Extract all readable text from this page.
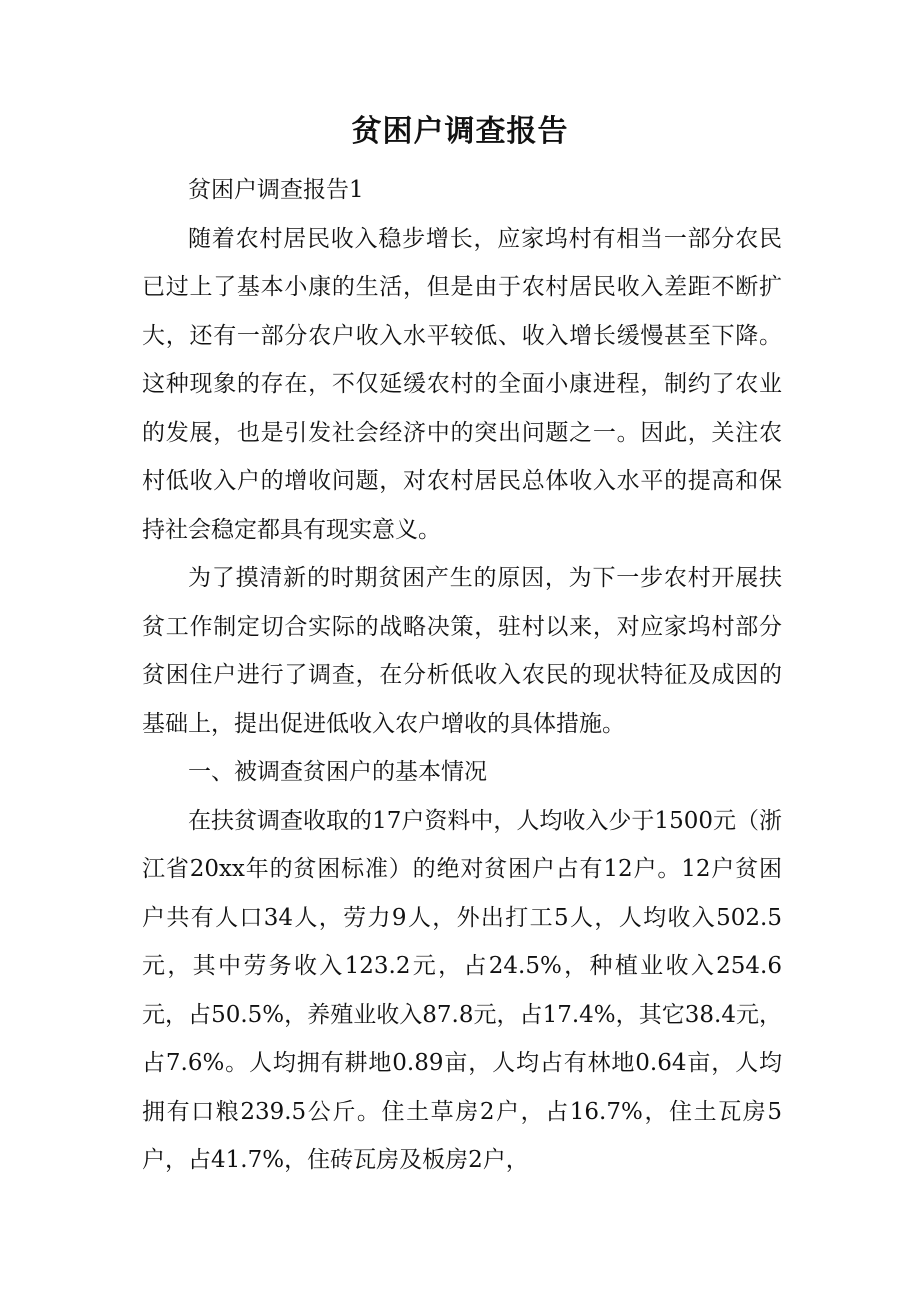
贫困户调查报告

贫困户调查报告1

随着农村居民收入稳步增长，应家坞村有相当一部分农民已过上了基本小康的生活，但是由于农村居民收入差距不断扩大，还有一部分农户收入水平较低、收入增长缓慢甚至下降。这种现象的存在，不仅延缓农村的全面小康进程，制约了农业的发展，也是引发社会经济中的突出问题之一。因此，关注农村低收入户的增收问题，对农村居民总体收入水平的提高和保持社会稳定都具有现实意义。

为了摸清新的时期贫困产生的原因，为下一步农村开展扶贫工作制定切合实际的战略决策，驻村以来，对应家坞村部分贫困住户进行了调查，在分析低收入农民的现状特征及成因的基础上，提出促进低收入农户增收的具体措施。

一、被调查贫困户的基本情况

在扶贫调查收取的17户资料中，人均收入少于1500元（浙江省20xx年的贫困标准）的绝对贫困户占有12户。12户贫困户共有人口34人，劳力9人，外出打工5人，人均收入502.5元，其中劳务收入123.2元，占24.5%，种植业收入254.6元，占50.5%，养殖业收入87.8元，占17.4%，其它38.4元，占7.6%。人均拥有耕地0.89亩，人均占有林地0.64亩，人均拥有口粮239.5公斤。住土草房2户，占16.7%，住土瓦房5户，占41.7%，住砖瓦房及板房2户，
